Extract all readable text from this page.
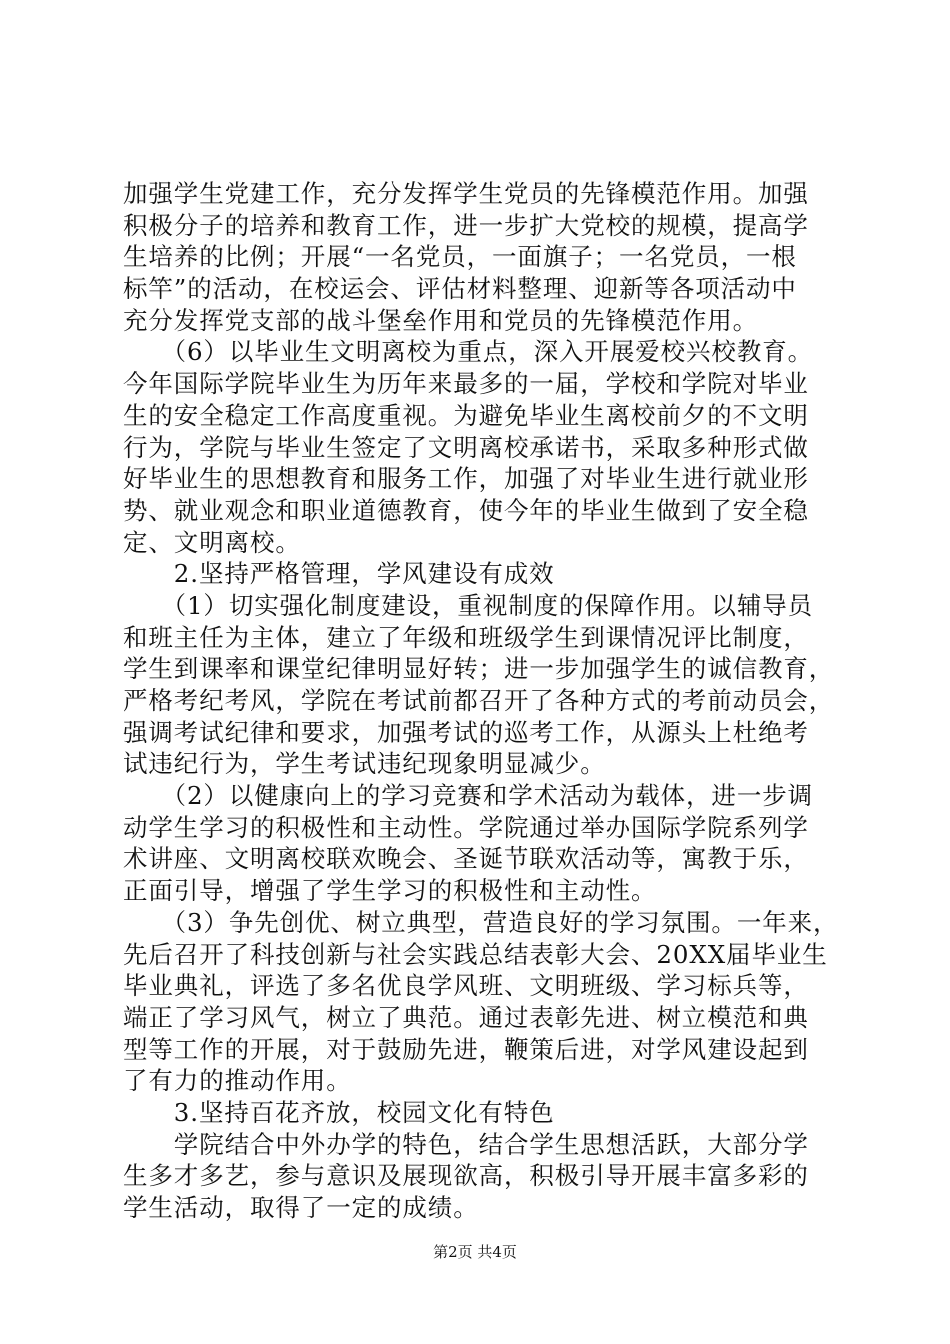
加强学生党建工作，充分发挥学生党员的先锋模范作用。加强
积极分子的培养和教育工作，进一步扩大党校的规模，提高学
生培养的比例；开展“一名党员，一面旗子；一名党员，一根
标竿”的活动，在校运会、评估材料整理、迎新等各项活动中
充分发挥党支部的战斗堡垒作用和党员的先锋模范作用。
　　（6）以毕业生文明离校为重点，深入开展爱校兴校教育。
今年国际学院毕业生为历年来最多的一届，学校和学院对毕业
生的安全稳定工作高度重视。为避免毕业生离校前夕的不文明
行为，学院与毕业生签定了文明离校承诺书，采取多种形式做
好毕业生的思想教育和服务工作，加强了对毕业生进行就业形
势、就业观念和职业道德教育，使今年的毕业生做到了安全稳
定、文明离校。
　　2.坚持严格管理，学风建设有成效
　　（1）切实强化制度建设，重视制度的保障作用。以辅导员
和班主任为主体，建立了年级和班级学生到课情况评比制度，
学生到课率和课堂纪律明显好转；进一步加强学生的诚信教育，
严格考纪考风，学院在考试前都召开了各种方式的考前动员会，
强调考试纪律和要求，加强考试的巡考工作，从源头上杜绝考
试违纪行为，学生考试违纪现象明显减少。
　　（2）以健康向上的学习竞赛和学术活动为载体，进一步调
动学生学习的积极性和主动性。学院通过举办国际学院系列学
术讲座、文明离校联欢晚会、圣诞节联欢活动等，寓教于乐，
正面引导，增强了学生学习的积极性和主动性。
　　（3）争先创优、树立典型，营造良好的学习氛围。一年来，
先后召开了科技创新与社会实践总结表彰大会、20XX届毕业生
毕业典礼，评选了多名优良学风班、文明班级、学习标兵等，
端正了学习风气，树立了典范。通过表彰先进、树立模范和典
型等工作的开展，对于鼓励先进，鞭策后进，对学风建设起到
了有力的推动作用。
　　3.坚持百花齐放，校园文化有特色
　　学院结合中外办学的特色，结合学生思想活跃，大部分学
生多才多艺，参与意识及展现欲高，积极引导开展丰富多彩的
学生活动，取得了一定的成绩。
第2页 共4页
